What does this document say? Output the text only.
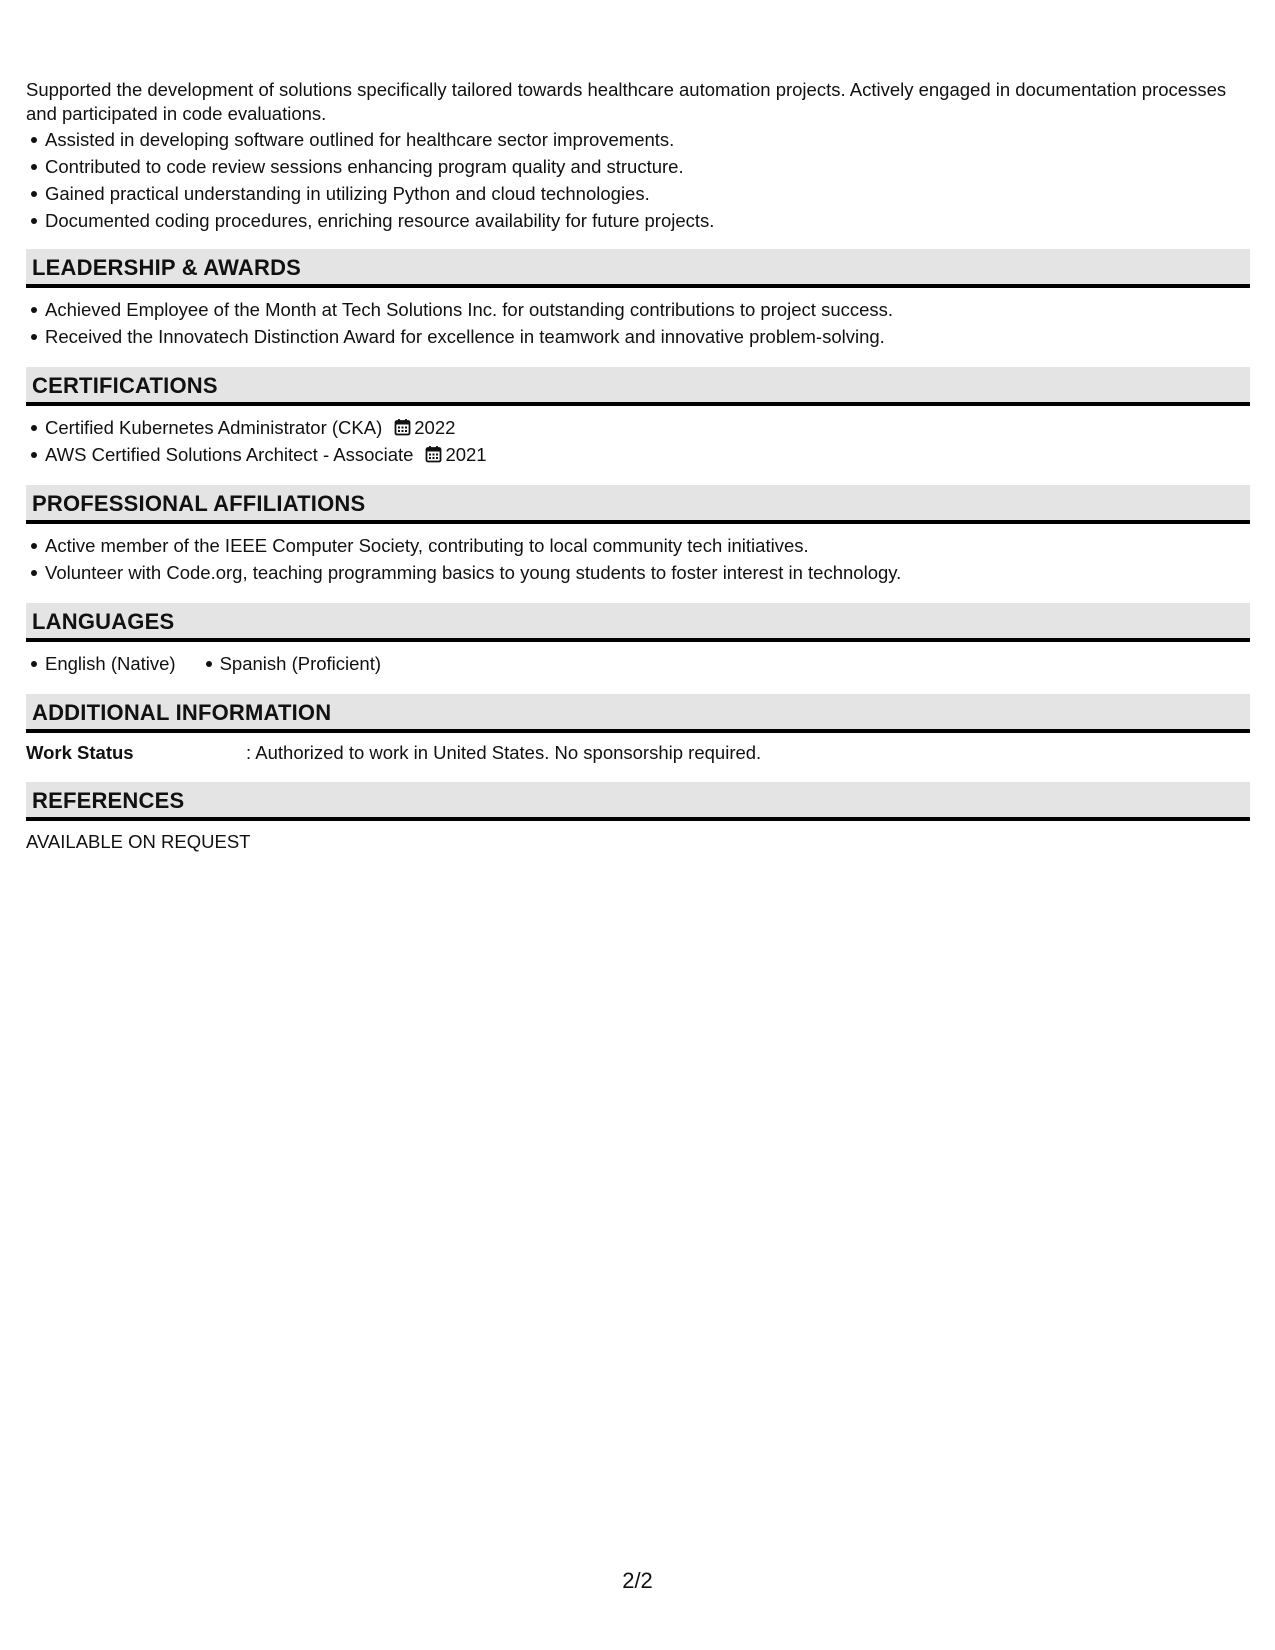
Supported the development of solutions specifically tailored towards healthcare automation projects. Actively engaged in documentation processes and participated in code evaluations.

Assisted in developing software outlined for healthcare sector improvements.
Contributed to code review sessions enhancing program quality and structure.
Gained practical understanding in utilizing Python and cloud technologies.
Documented coding procedures, enriching resource availability for future projects.
LEADERSHIP & AWARDS
Achieved Employee of the Month at Tech Solutions Inc. for outstanding contributions to project success.
Received the Innovatech Distinction Award for excellence in teamwork and innovative problem-solving.
CERTIFICATIONS
Certified Kubernetes Administrator (CKA) 2022
AWS Certified Solutions Architect - Associate 2021
PROFESSIONAL AFFILIATIONS
Active member of the IEEE Computer Society, contributing to local community tech initiatives.
Volunteer with Code.org, teaching programming basics to young students to foster interest in technology.
LANGUAGES
English (Native) Spanish (Proficient)
ADDITIONAL INFORMATION
Work Status	: Authorized to work in United States. No sponsorship required.
REFERENCES

AVAILABLE ON REQUEST

2/2
